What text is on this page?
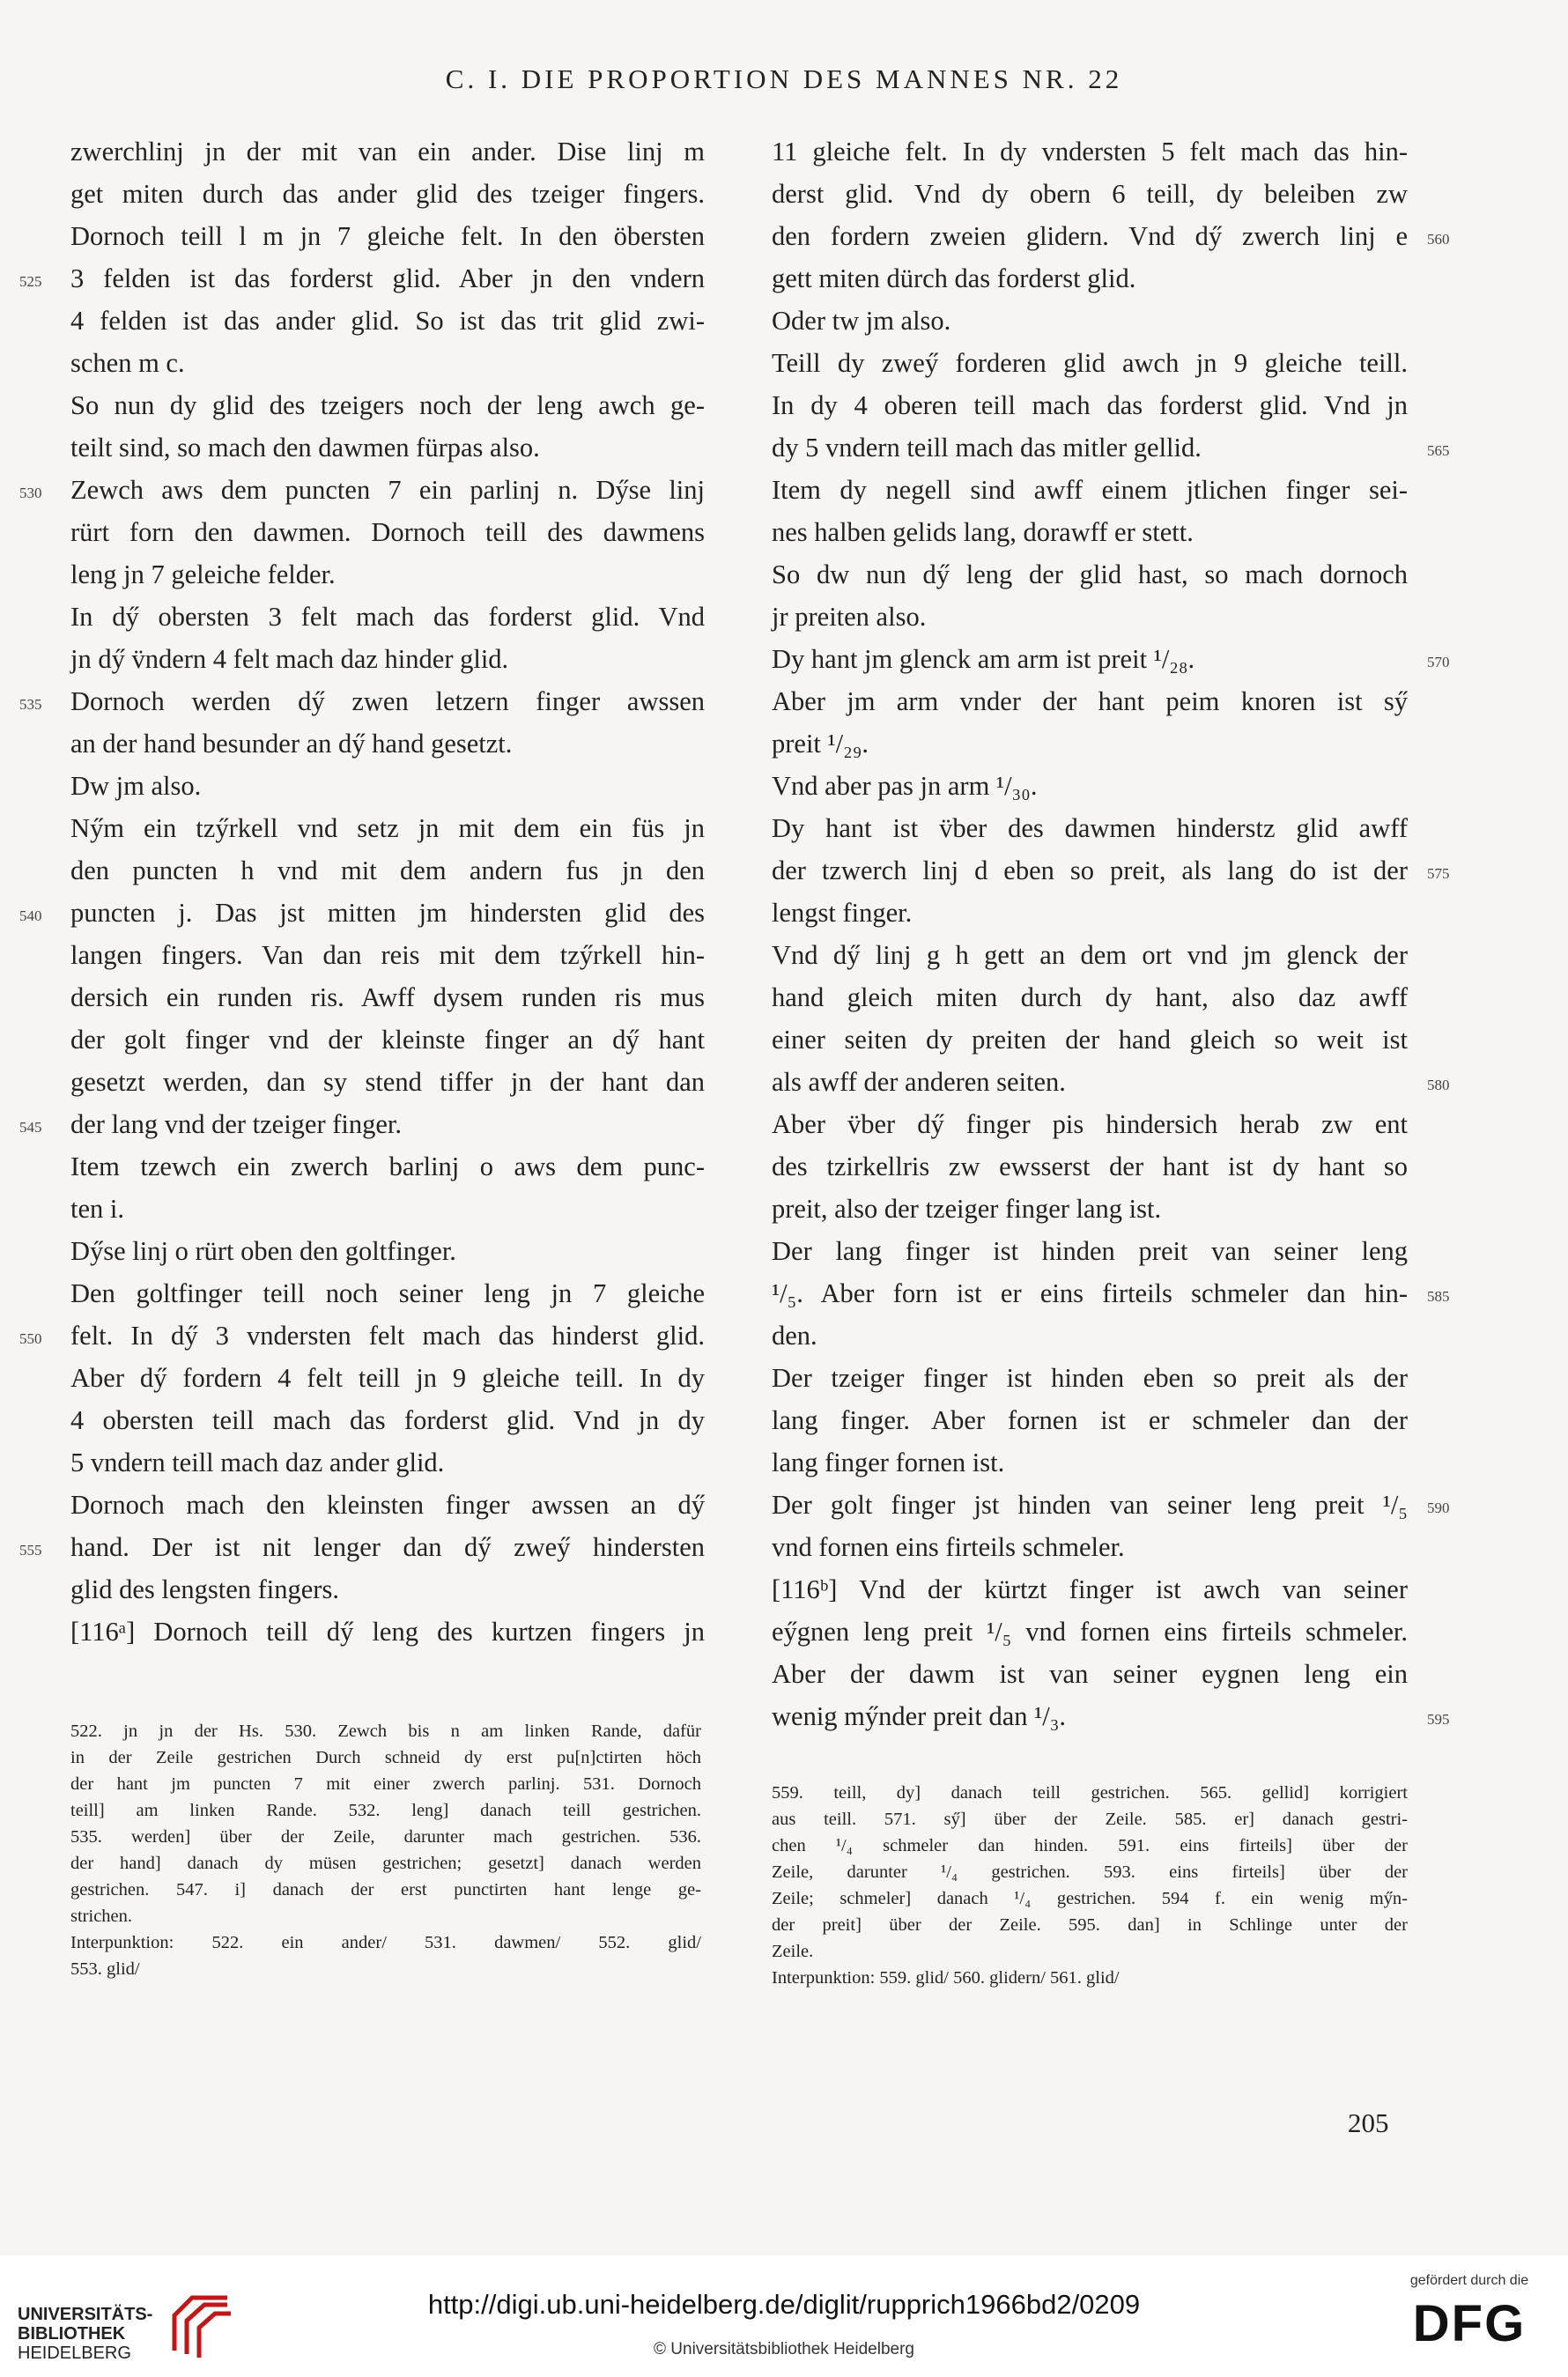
C. I. DIE PROPORTION DES MANNES NR. 22
zwerchlinj jn der mit van ein ander. Dise linj m
get miten durch das ander glid des tzeiger fingers.
Dornoch teill l m jn 7 gleiche felt. In den öbersten
3 felden ist das forderst glid. Aber jn den vndern
525
4 felden ist das ander glid. So ist das trit glid zwi-
schen m c.
So nun dy glid des tzeigers noch der leng awch ge-
teilt sind, so mach den dawmen fürpas also.
Zewch aws dem puncten 7 ein parlinj n. Dy̋se linj
530
rürt forn den dawmen. Dornoch teill des dawmens
leng jn 7 geleiche felder.
In dy̋ obersten 3 felt mach das forderst glid. Vnd
jn dy̋ v̈ndern 4 felt mach daz hinder glid.
Dornoch werden dy̋ zwen letzern finger awssen
535
an der hand besunder an dy̋ hand gesetzt.
Dw jm also.
Ny̋m ein tzy̋rkell vnd setz jn mit dem ein füs jn
den puncten h vnd mit dem andern fus jn den
puncten j. Das jst mitten jm hindersten glid des
540
langen fingers. Van dan reis mit dem tzy̋rkell hin-
dersich ein runden ris. Awff dysem runden ris mus
der golt finger vnd der kleinste finger an dy̋ hant
gesetzt werden, dan sy stend tiffer jn der hant dan
der lang vnd der tzeiger finger.
545
Item tzewch ein zwerch barlinj o aws dem punc-
ten i.
Dy̋se linj o rürt oben den goltfinger.
Den goltfinger teill noch seiner leng jn 7 gleiche
felt. In dy̋ 3 vndersten felt mach das hinderst glid.
550
Aber dy̋ fordern 4 felt teill jn 9 gleiche teill. In dy
4 obersten teill mach das forderst glid. Vnd jn dy
5 vndern teill mach daz ander glid.
Dornoch mach den kleinsten finger awssen an dy̋
hand. Der ist nit lenger dan dy̋ zwey̋ hindersten
555
glid des lengsten fingers.
[116ᵃ] Dornoch teill dy̋ leng des kurtzen fingers jn
11 gleiche felt. In dy vndersten 5 felt mach das hin-
derst glid. Vnd dy obern 6 teill, dy beleiben zw
den fordern zweien glidern. Vnd dy̋ zwerch linj e 560
gett miten dürch das forderst glid.
Oder tw jm also.
Teill dy zwey̋ forderen glid awch jn 9 gleiche teill.
In dy 4 oberen teill mach das forderst glid. Vnd jn
dy 5 vndern teill mach das mitler gellid.	565
Item dy negell sind awff einem jtlichen finger sei-
nes halben gelids lang, dorawff er stett.
So dw nun dy̋ leng der glid hast, so mach dornoch
jr preiten also.
Dy hant jm glenck am arm ist preit ¹/₂₈.	570
Aber jm arm vnder der hant peim knoren ist sy̋
preit ¹/₂₉.
Vnd aber pas jn arm ¹/₃₀.
Dy hant ist v̈ber des dawmen hinderstz glid awff
der tzwerch linj d eben so preit, als lang do ist der 575
lengst finger.
Vnd dy̋ linj g h gett an dem ort vnd jm glenck der
hand gleich miten durch dy hant, also daz awff
einer seiten dy preiten der hand gleich so weit ist
als awff der anderen seiten.	580
Aber v̈ber dy̋ finger pis hindersich herab zw ent
des tzirkellris zw ewsserst der hant ist dy hant so
preit, also der tzeiger finger lang ist.
Der lang finger ist hinden preit van seiner leng
¹/₅. Aber forn ist er eins firteils schmeler dan hin- 585
den.
Der tzeiger finger ist hinden eben so preit als der
lang finger. Aber fornen ist er schmeler dan der
lang finger fornen ist.
Der golt finger jst hinden van seiner leng preit ¹/₅ 590
vnd fornen eins firteils schmeler.
[116ᵇ] Vnd der kürtzt finger ist awch van seiner
ey̋gnen leng preit ¹/₅ vnd fornen eins firteils schmeler.
Aber der dawm ist van seiner eygnen leng ein
wenig my̋nder preit dan ¹/₃.	595
522. jn jn der Hs. 530. Zewch bis n am linken Rande, dafür
in der Zeile gestrichen Durch schneid dy erst pu[n]ctirten höch
der hant jm puncten 7 mit einer zwerch parlinj. 531. Dornoch
teill] am linken Rande. 532. leng] danach teill gestrichen.
535. werden] über der Zeile, darunter mach gestrichen. 536.
der hand] danach dy müsen gestrichen; gesetzt] danach werden
gestrichen. 547. i] danach der erst punctirten hant lenge ge-
strichen.
Interpunktion: 522. ein ander/ 531. dawmen/ 552. glid/
553. glid/
559. teill, dy] danach teill gestrichen. 565. gellid] korrigiert
aus teill. 571. sy̋] über der Zeile. 585. er] danach gestri-
chen ¹/₄ schmeler dan hinden. 591. eins firteils] über der
Zeile, darunter ¹/₄ gestrichen. 593. eins firteils] über der
Zeile; schmeler] danach ¹/₄ gestrichen. 594 f. ein wenig my̋n-
der preit] über der Zeile. 595. dan] in Schlinge unter der
Zeile.
Interpunktion: 559. glid/ 560. glidern/ 561. glid/
205
UNIVERSITÄTS-
BIBLIOTHEK
HEIDELBERG
http://digi.ub.uni-heidelberg.de/diglit/rupprich1966bd2/0209
© Universitätsbibliothek Heidelberg
gefördert durch die
DFG
